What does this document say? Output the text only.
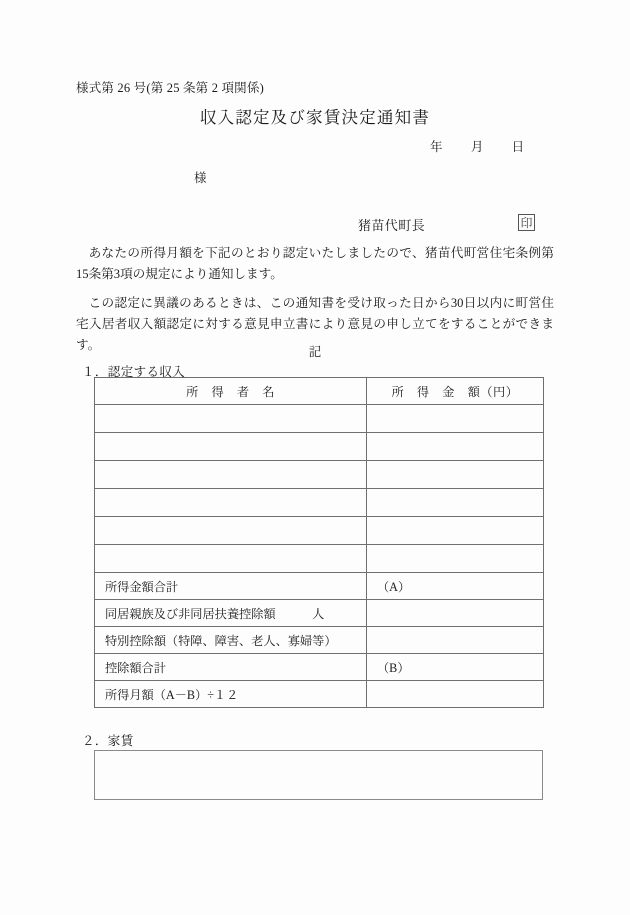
様式第 26 号(第 25 条第 2 項関係)
収入認定及び家賃決定通知書
年 月 日
様
猪苗代町長	印
あなたの所得月額を下記のとおり認定いたしましたので、猪苗代町営住宅条例第15条第3項の規定により通知します。
この認定に異議のあるときは、この通知書を受け取った日から30日以内に町営住宅入居者収入額認定に対する意見申立書により意見の申し立てをすることができます。	記
１．認定する収入
所　得　者　名	所　得　金　額（円）

所得金額合計	（A）
同居親族及び非同居扶養控除額　　　人	
特別控除額（特障、障害、老人、寡婦等）	
控除額合計	（B）
所得月額（A－B）÷１２	
２．家賃
